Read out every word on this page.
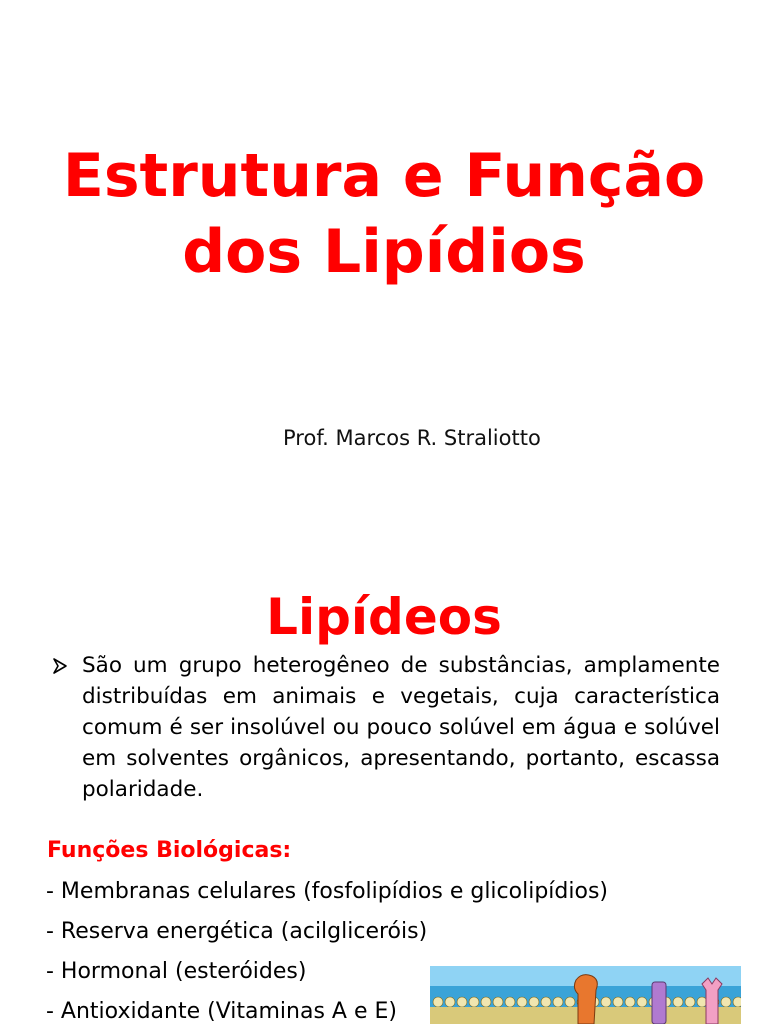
Estrutura e Função
dos Lipídios
Prof. Marcos R. Straliotto
Lipídeos
São um grupo heterogêneo de substâncias, amplamente distribuídas em animais e vegetais, cuja característica comum é ser insolúvel ou pouco solúvel em água e solúvel em solventes orgânicos, apresentando, portanto, escassa polaridade.
Funções Biológicas:
- Membranas celulares (fosfolipídios e glicolipídios)
- Reserva energética (acilgliceróis)
- Hormonal (esteróides)
- Antioxidante (Vitaminas A e E)
